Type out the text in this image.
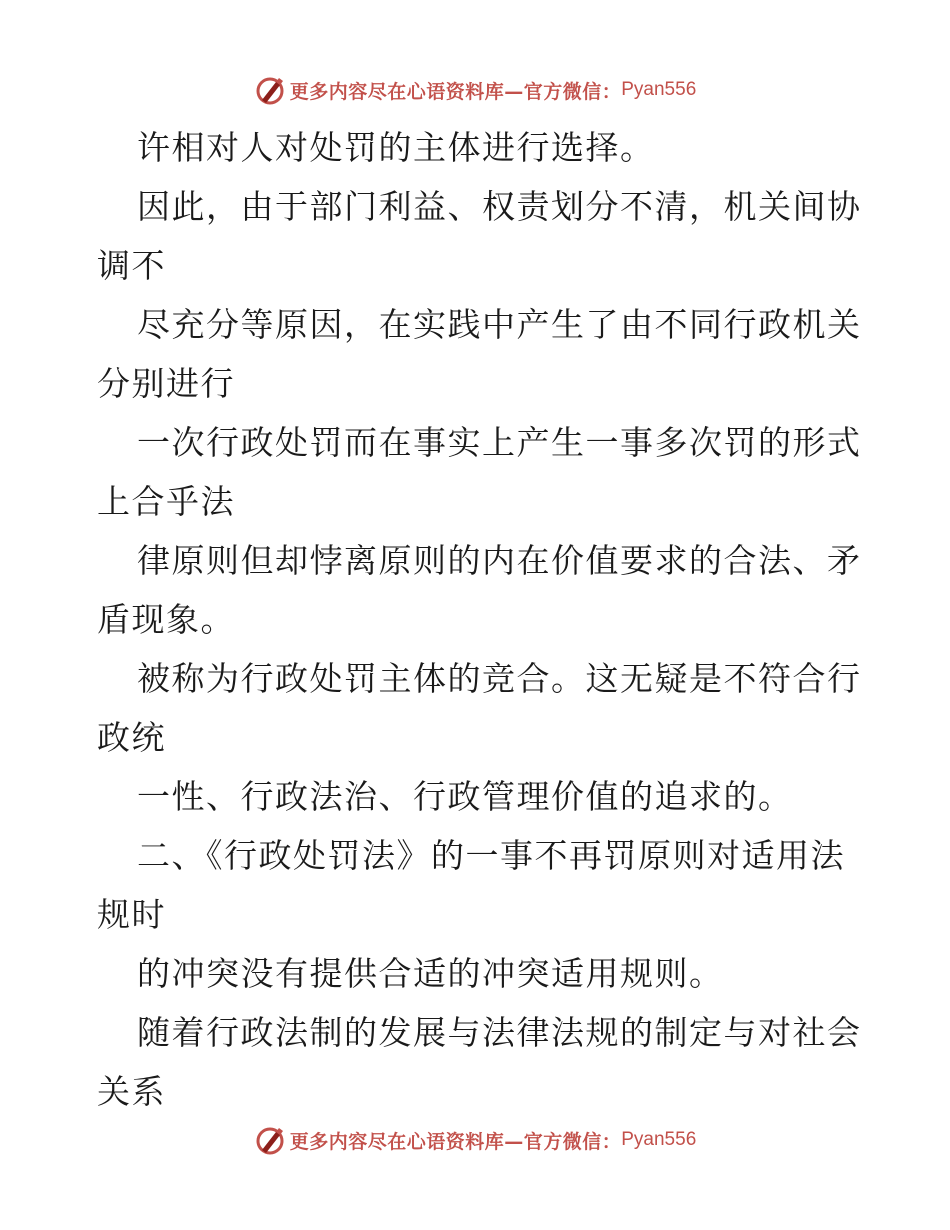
更多内容尽在心语资料库—官方微信： Pyan556
许相对人对处罚的主体进行选择。
因此，由于部门利益、权责划分不清，机关间协
调不
尽充分等原因，在实践中产生了由不同行政机关
分别进行
一次行政处罚而在事实上产生一事多次罚的形式
上合乎法
律原则但却悖离原则的内在价值要求的合法、矛
盾现象。
被称为行政处罚主体的竞合。这无疑是不符合行
政统
一性、行政法治、行政管理价值的追求的。
二、《行政处罚法》的一事不再罚原则对适用法
规时
的冲突没有提供合适的冲突适用规则。
随着行政法制的发展与法律法规的制定与对社会
关系
更多内容尽在心语资料库—官方微信： Pyan556
